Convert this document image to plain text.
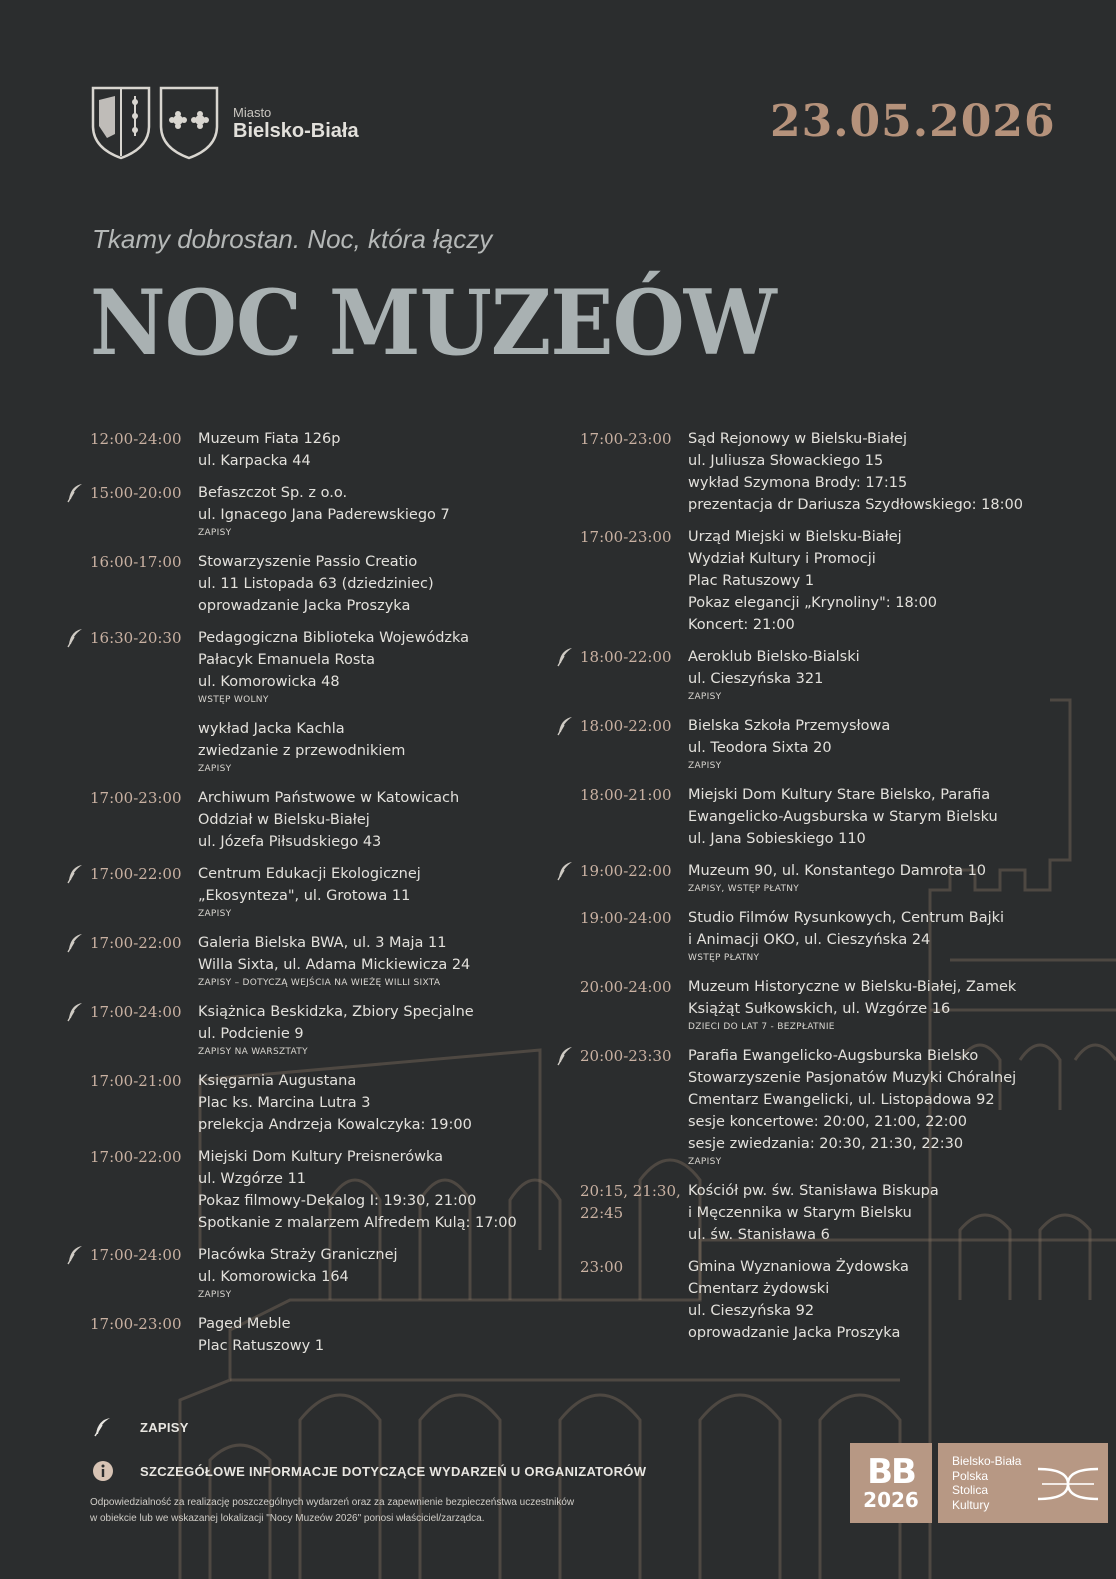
Miasto
Bielsko-Biała	23.05.2026
Tkamy dobrostan. Noc, która łączy
NOC MUZEÓW
12:00-24:00	Muzeum Fiata 126p
ul. Karpacka 44
15:00-20:00	Befaszczot Sp. z o.o.
ul. Ignacego Jana Paderewskiego 7
ZAPISY
16:00-17:00	Stowarzyszenie Passio Creatio
ul. 11 Listopada 63 (dziedziniec)
oprowadzanie Jacka Proszyka
16:30-20:30	Pedagogiczna Biblioteka Wojewódzka
Pałacyk Emanuela Rosta
ul. Komorowicka 48
WSTĘP WOLNY
wykład Jacka Kachla
zwiedzanie z przewodnikiem
ZAPISY
17:00-23:00	Archiwum Państwowe w Katowicach
Oddział w Bielsku-Białej
ul. Józefa Piłsudskiego 43
17:00-22:00	Centrum Edukacji Ekologicznej
„Ekosynteza", ul. Grotowa 11
ZAPISY
17:00-22:00	Galeria Bielska BWA, ul. 3 Maja 11
Willa Sixta, ul. Adama Mickiewicza 24
ZAPISY – DOTYCZĄ WEJŚCIA NA WIEŻĘ WILLI SIXTA
17:00-24:00	Książnica Beskidzka, Zbiory Specjalne
ul. Podcienie 9
ZAPISY NA WARSZTATY
17:00-21:00	Księgarnia Augustana
Plac ks. Marcina Lutra 3
prelekcja Andrzeja Kowalczyka: 19:00
17:00-22:00	Miejski Dom Kultury Preisnerówka
ul. Wzgórze 11
Pokaz filmowy-Dekalog I: 19:30, 21:00
Spotkanie z malarzem Alfredem Kulą: 17:00
17:00-24:00	Placówka Straży Granicznej
ul. Komorowicka 164
ZAPISY
17:00-23:00	Paged Meble
Plac Ratuszowy 1
17:00-23:00	Sąd Rejonowy w Bielsku-Białej
ul. Juliusza Słowackiego 15
wykład Szymona Brody: 17:15
prezentacja dr Dariusza Szydłowskiego: 18:00
17:00-23:00	Urząd Miejski w Bielsku-Białej
Wydział Kultury i Promocji
Plac Ratuszowy 1
Pokaz elegancji „Krynoliny": 18:00
Koncert: 21:00
18:00-22:00	Aeroklub Bielsko-Bialski
ul. Cieszyńska 321
ZAPISY
18:00-22:00	Bielska Szkoła Przemysłowa
ul. Teodora Sixta 20
ZAPISY
18:00-21:00	Miejski Dom Kultury Stare Bielsko, Parafia
Ewangelicko-Augsburska w Starym Bielsku
ul. Jana Sobieskiego 110
19:00-22:00	Muzeum 90, ul. Konstantego Damrota 10
ZAPISY, WSTĘP PŁATNY
19:00-24:00	Studio Filmów Rysunkowych, Centrum Bajki
i Animacji OKO, ul. Cieszyńska 24
WSTĘP PŁATNY
20:00-24:00	Muzeum Historyczne w Bielsku-Białej, Zamek
Książąt Sułkowskich, ul. Wzgórze 16
DZIECI DO LAT 7 - BEZPŁATNIE
20:00-23:30	Parafia Ewangelicko-Augsburska Bielsko
Stowarzyszenie Pasjonatów Muzyki Chóralnej
Cmentarz Ewangelicki, ul. Listopadowa 92
sesje koncertowe: 20:00, 21:00, 22:00
sesje zwiedzania: 20:30, 21:30, 22:30
ZAPISY
20:15, 21:30, 22:45
Kościół pw. św. Stanisława Biskupa
i Męczennika w Starym Bielsku
ul. św. Stanisława 6
23:00	Gmina Wyznaniowa Żydowska
Cmentarz żydowski
ul. Cieszyńska 92
oprowadzanie Jacka Proszyka
ZAPISY
SZCZEGÓŁOWE INFORMACJE DOTYCZĄCE WYDARZEŃ U ORGANIZATORÓW
Odpowiedzialność za realizację poszczególnych wydarzeń oraz za zapewnienie bezpieczeństwa uczestników
w obiekcie lub we wskazanej lokalizacji "Nocy Muzeów 2026" ponosi właściciel/zarządca.
BB
2026
Bielsko-Biała
Polska
Stolica
Kultury
